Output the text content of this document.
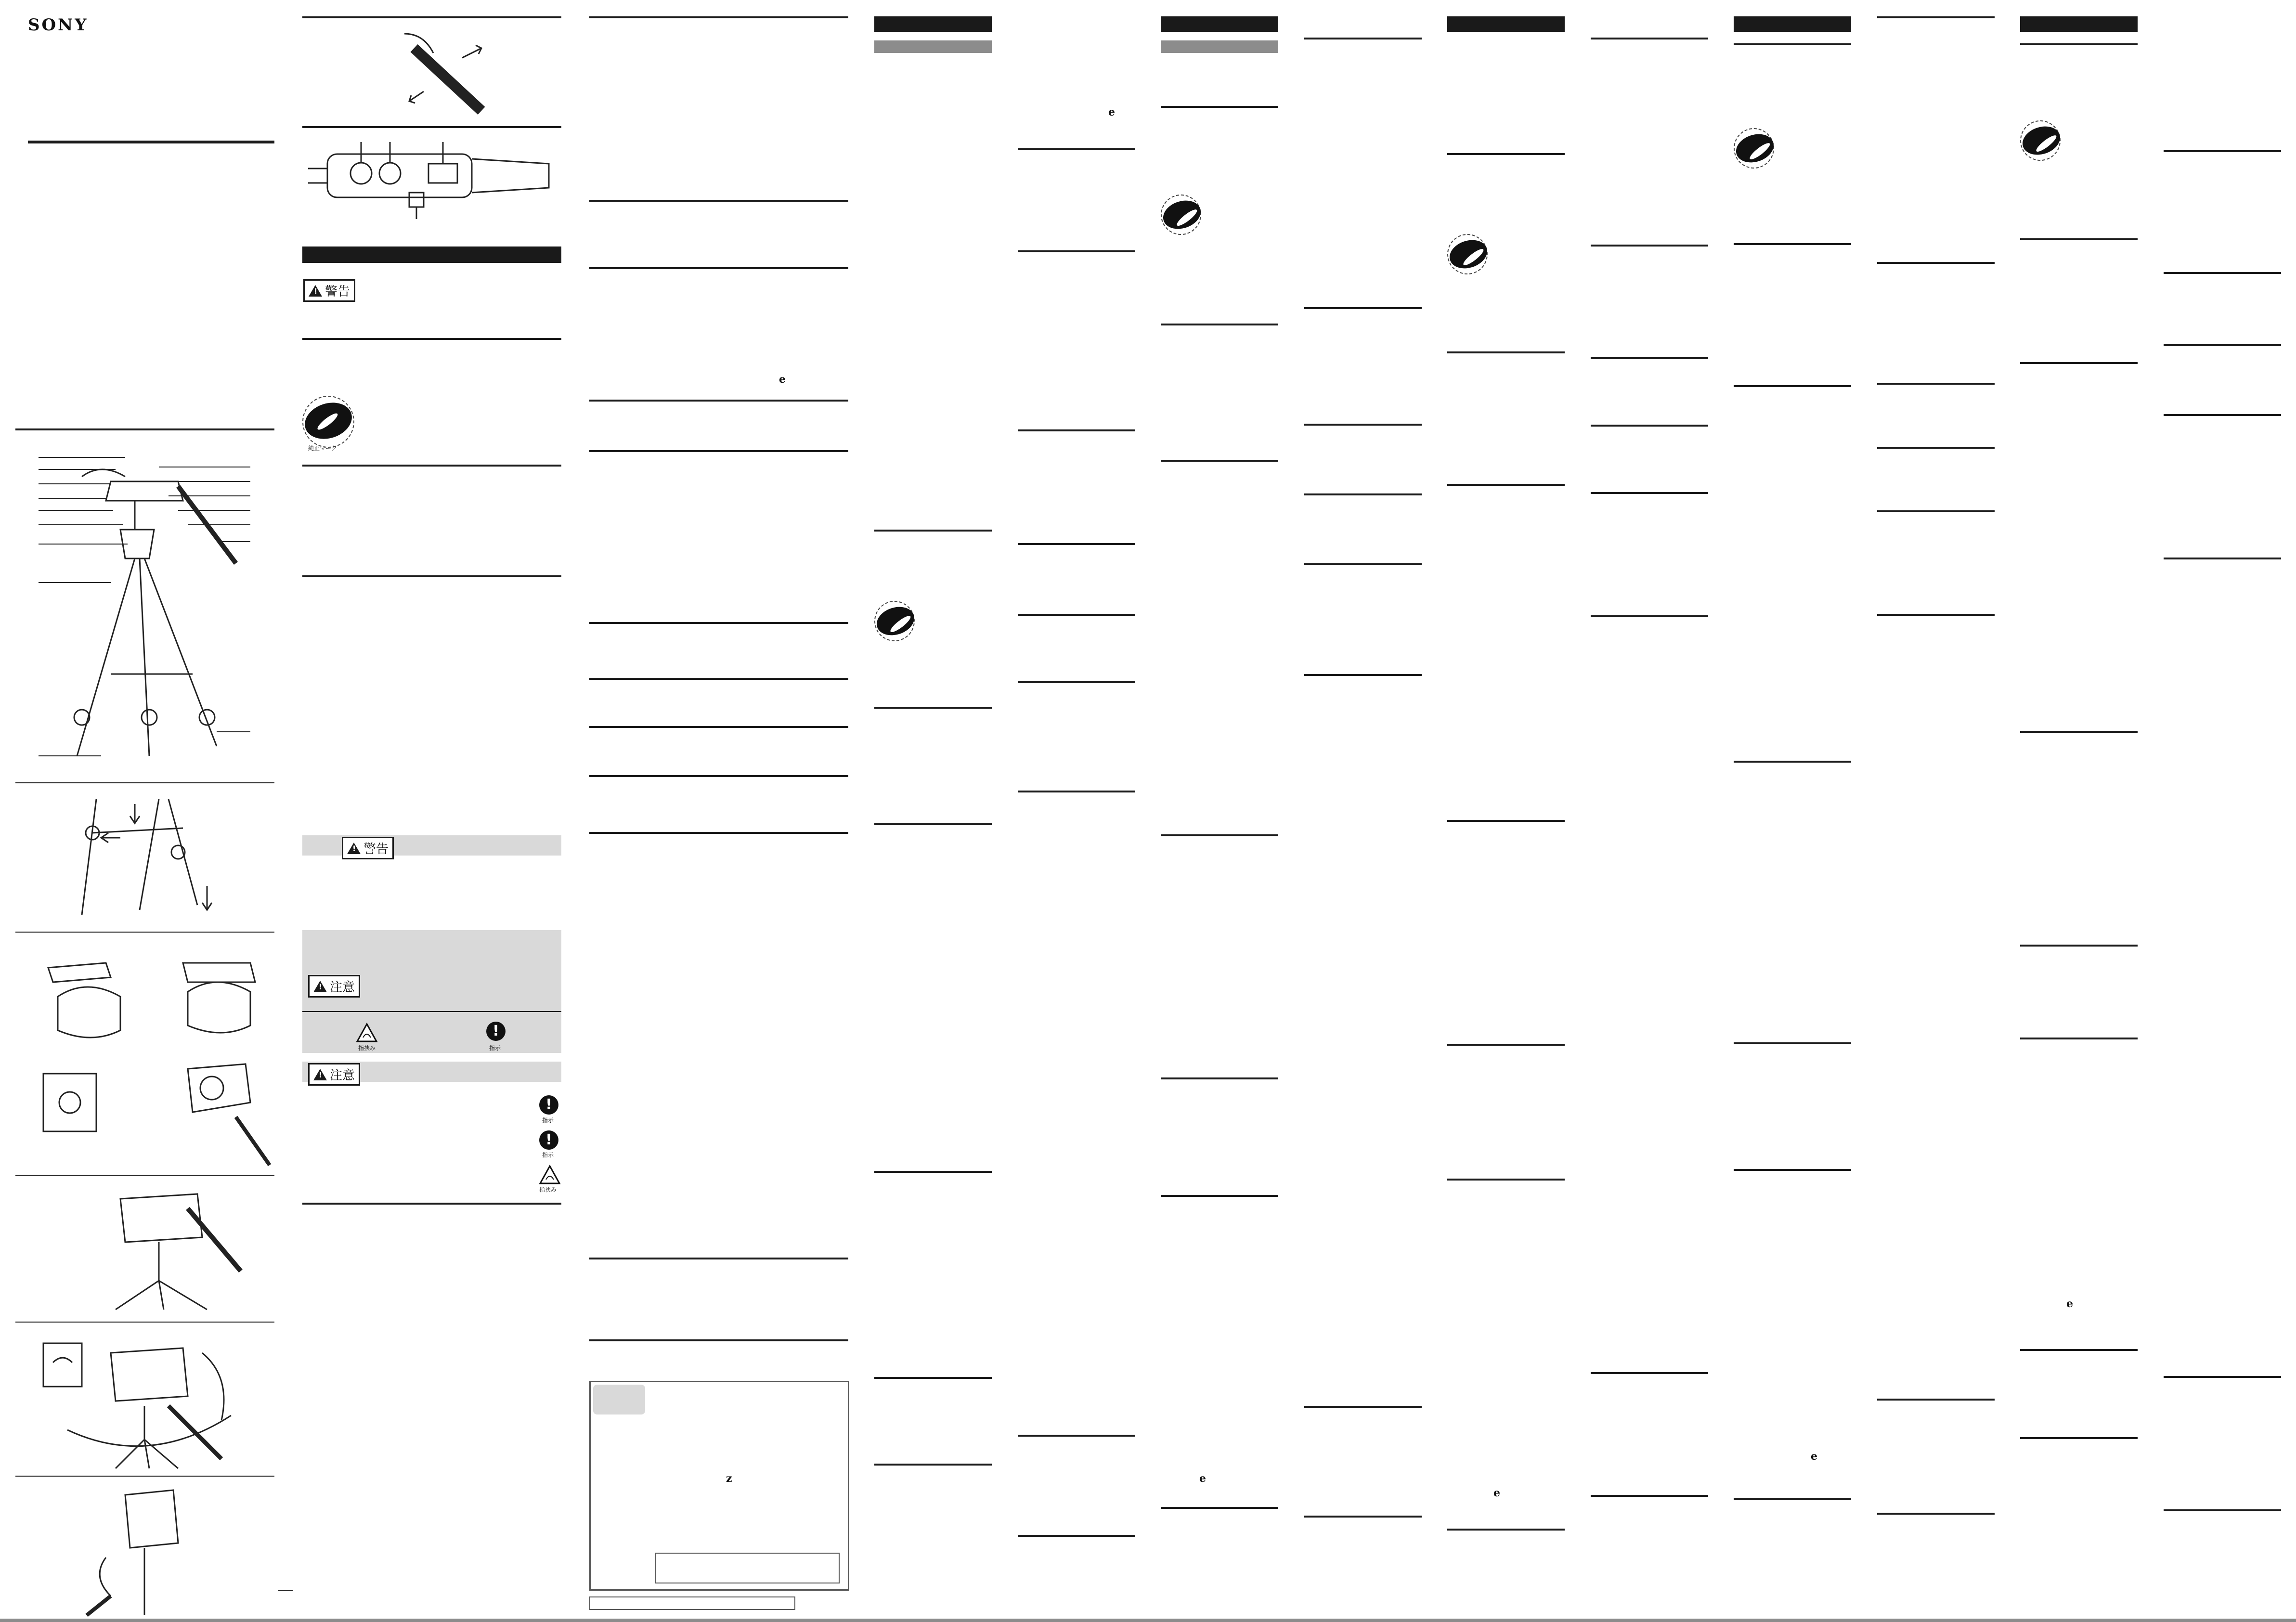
SONY
!
警告
純正マーク
!
警告
!
注意
指挟み
!
指示
!
注意
!
指示
!
指示
指挟み
e
z
e
e
e
e
e
